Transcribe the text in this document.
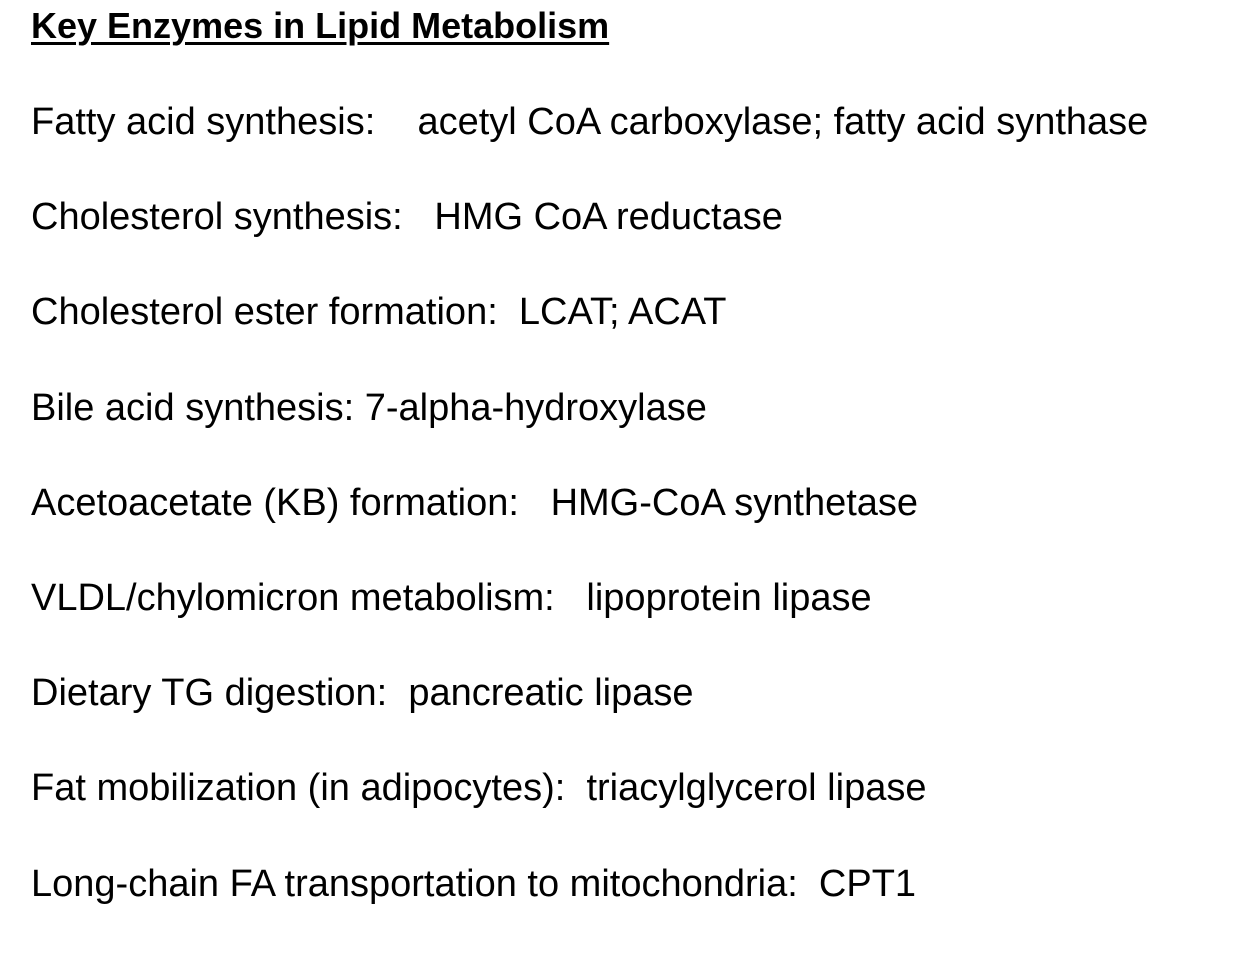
Key Enzymes in Lipid Metabolism
Fatty acid synthesis:    acetyl CoA carboxylase; fatty acid synthase
Cholesterol synthesis:   HMG CoA reductase
Cholesterol ester formation:  LCAT; ACAT
Bile acid synthesis: 7-alpha-hydroxylase
Acetoacetate (KB) formation:   HMG-CoA synthetase
VLDL/chylomicron metabolism:   lipoprotein lipase
Dietary TG digestion:  pancreatic lipase
Fat mobilization (in adipocytes):  triacylglycerol lipase
Long-chain FA transportation to mitochondria:  CPT1
